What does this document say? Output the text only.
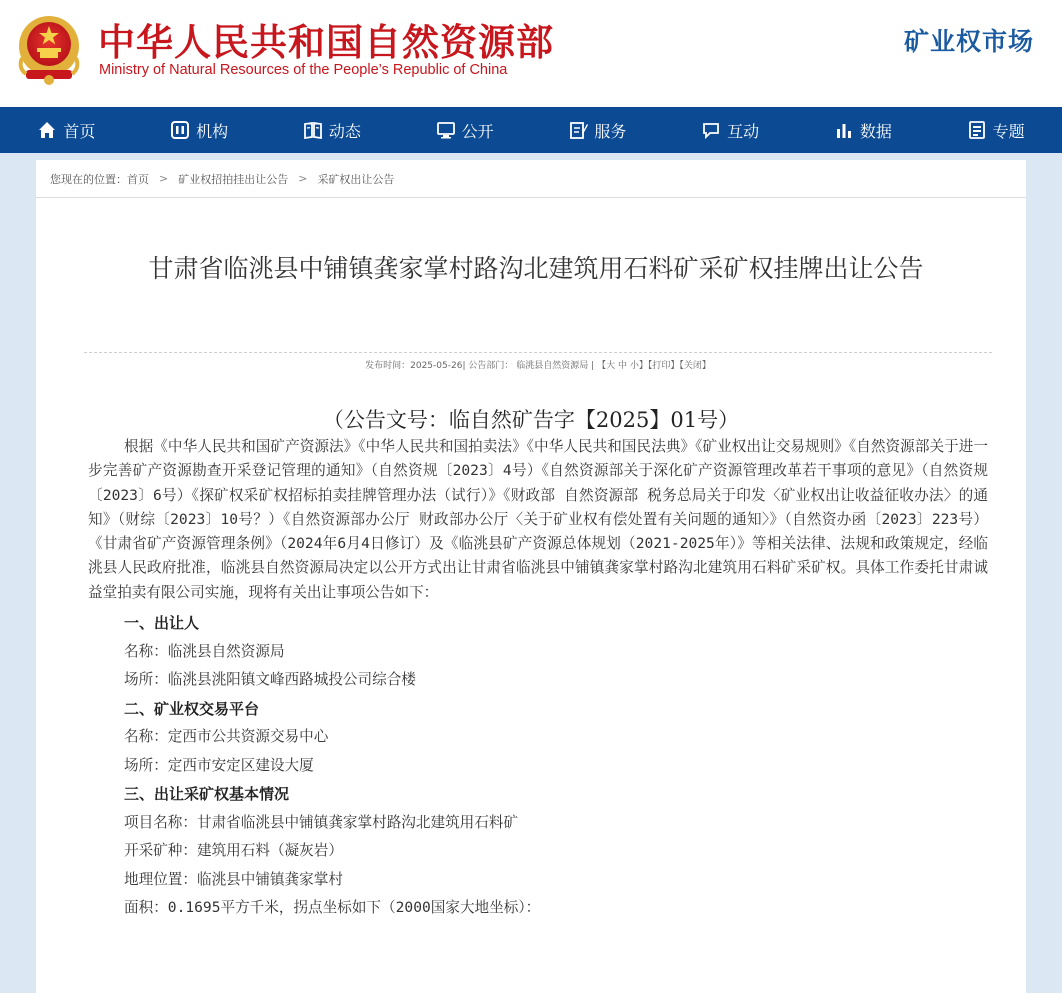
中华人民共和国自然资源部
Ministry of Natural Resources of the People’s Republic of China
矿业权市场
首页	机构	动态	公开	服务	互动	数据	专题
您现在的位置： 首页 > 矿业权招拍挂出让公告 > 采矿权出让公告
甘肃省临洮县中铺镇龚家掌村路沟北建筑用石料矿采矿权挂牌出让公告
发布时间：2025-05-26| 公告部门： 临洮县自然资源局 | 【大 中 小】【打印】【关闭】
（公告文号：临自然矿告字【2025】01号）

根据《中华人民共和国矿产资源法》《中华人民共和国拍卖法》《中华人民共和国民法典》《矿业权出让交易规则》《自然资源部关于进一步完善矿产资源勘查开采登记管理的通知》（自然资规〔2023〕4号）《自然资源部关于深化矿产资源管理改革若干事项的意见》（自然资规〔2023〕6号）《探矿权采矿权招标拍卖挂牌管理办法（试行）》《财政部 自然资源部 税务总局关于印发〈矿业权出让收益征收办法〉的通知》（财综〔2023〕10号？）《自然资源部办公厅 财政部办公厅〈关于矿业权有偿处置有关问题的通知〉》（自然资办函〔2023〕223号）《甘肃省矿产资源管理条例》（2024年6月4日修订）及《临洮县矿产资源总体规划（2021-2025年）》等相关法律、法规和政策规定，经临洮县人民政府批准，临洮县自然资源局决定以公开方式出让甘肃省临洮县中铺镇龚家掌村路沟北建筑用石料矿采矿权。具体工作委托甘肃诚益堂拍卖有限公司实施，现将有关出让事项公告如下：

一、出让人
名称：临洮县自然资源局
场所：临洮县洮阳镇文峰西路城投公司综合楼
二、矿业权交易平台
名称：定西市公共资源交易中心
场所：定西市安定区建设大厦
三、出让采矿权基本情况
项目名称：甘肃省临洮县中铺镇龚家掌村路沟北建筑用石料矿
开采矿种：建筑用石料（凝灰岩）
地理位置：临洮县中铺镇龚家掌村
面积：0.1695平方千米，拐点坐标如下（2000国家大地坐标）：
